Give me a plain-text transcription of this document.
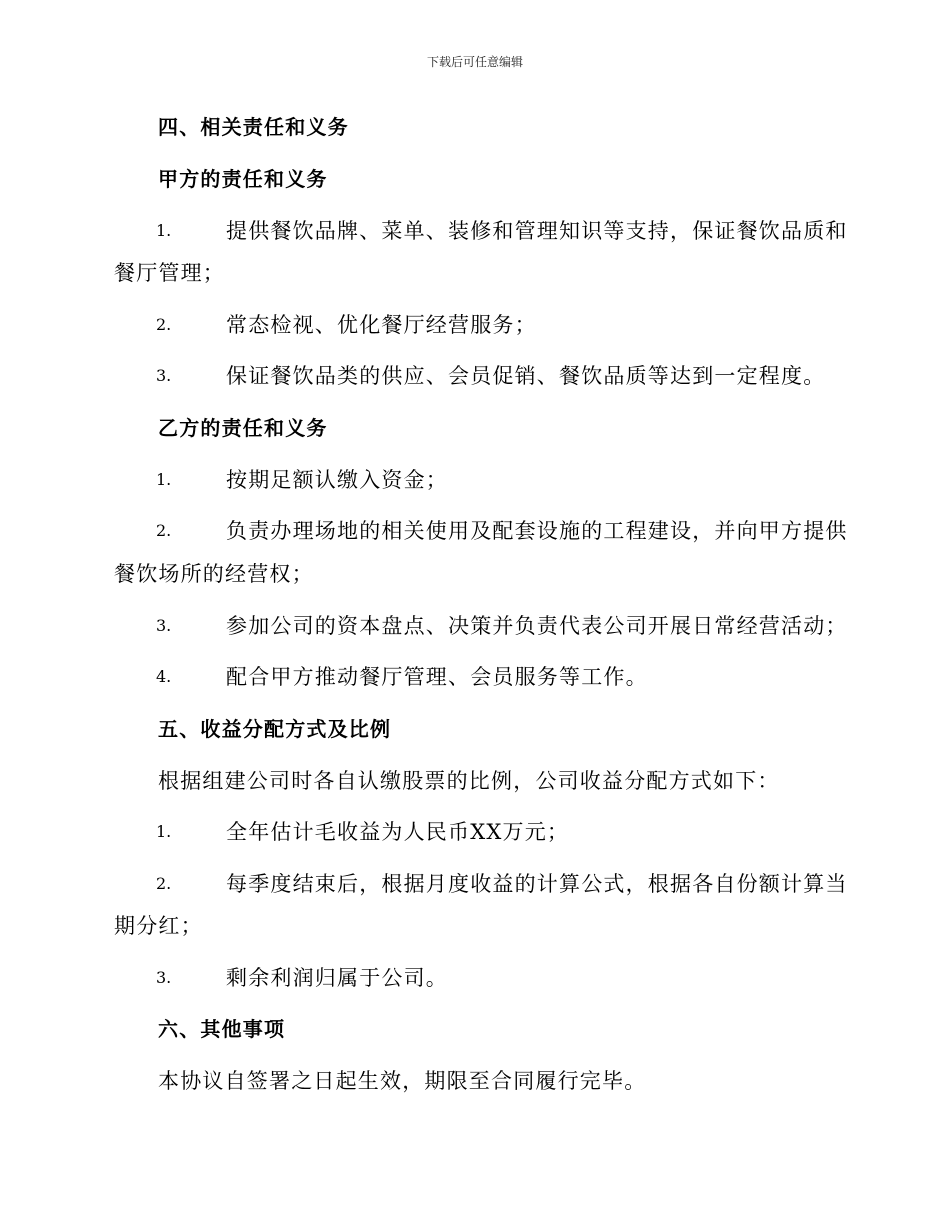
下载后可任意编辑
四、相关责任和义务
甲方的责任和义务
1.	提供餐饮品牌、菜单、装修和管理知识等支持，保证餐饮品质和
餐厅管理；
2.	常态检视、优化餐厅经营服务；
3.	保证餐饮品类的供应、会员促销、餐饮品质等达到一定程度。
乙方的责任和义务
1.	按期足额认缴入资金；
2.	负责办理场地的相关使用及配套设施的工程建设，并向甲方提供
餐饮场所的经营权；
3.	参加公司的资本盘点、决策并负责代表公司开展日常经营活动；
4.	配合甲方推动餐厅管理、会员服务等工作。
五、收益分配方式及比例
根据组建公司时各自认缴股票的比例，公司收益分配方式如下：
1.	全年估计毛收益为人民币XX万元；
2.	每季度结束后，根据月度收益的计算公式，根据各自份额计算当
期分红；
3.	剩余利润归属于公司。
六、其他事项
本协议自签署之日起生效，期限至合同履行完毕。
